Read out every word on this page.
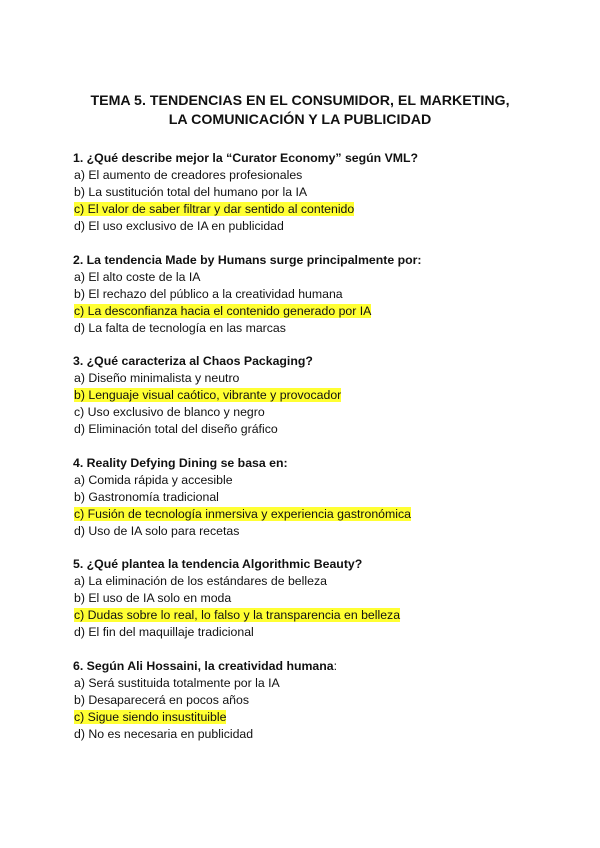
TEMA 5. TENDENCIAS EN EL CONSUMIDOR, EL MARKETING,
LA COMUNICACIÓN Y LA PUBLICIDAD
1. ¿Qué describe mejor la “Curator Economy” según VML?
a) El aumento de creadores profesionales
b) La sustitución total del humano por la IA
c) El valor de saber filtrar y dar sentido al contenido
d) El uso exclusivo de IA en publicidad
2. La tendencia Made by Humans surge principalmente por:
a) El alto coste de la IA
b) El rechazo del público a la creatividad humana
c) La desconfianza hacia el contenido generado por IA
d) La falta de tecnología en las marcas
3. ¿Qué caracteriza al Chaos Packaging?
a) Diseño minimalista y neutro
b) Lenguaje visual caótico, vibrante y provocador
c) Uso exclusivo de blanco y negro
d) Eliminación total del diseño gráfico
4. Reality Defying Dining se basa en:
a) Comida rápida y accesible
b) Gastronomía tradicional
c) Fusión de tecnología inmersiva y experiencia gastronómica
d) Uso de IA solo para recetas
5. ¿Qué plantea la tendencia Algorithmic Beauty?
a) La eliminación de los estándares de belleza
b) El uso de IA solo en moda
c) Dudas sobre lo real, lo falso y la transparencia en belleza
d) El fin del maquillaje tradicional
6. Según Ali Hossaini, la creatividad humana:
a) Será sustituida totalmente por la IA
b) Desaparecerá en pocos años
c) Sigue siendo insustituible
d) No es necesaria en publicidad
